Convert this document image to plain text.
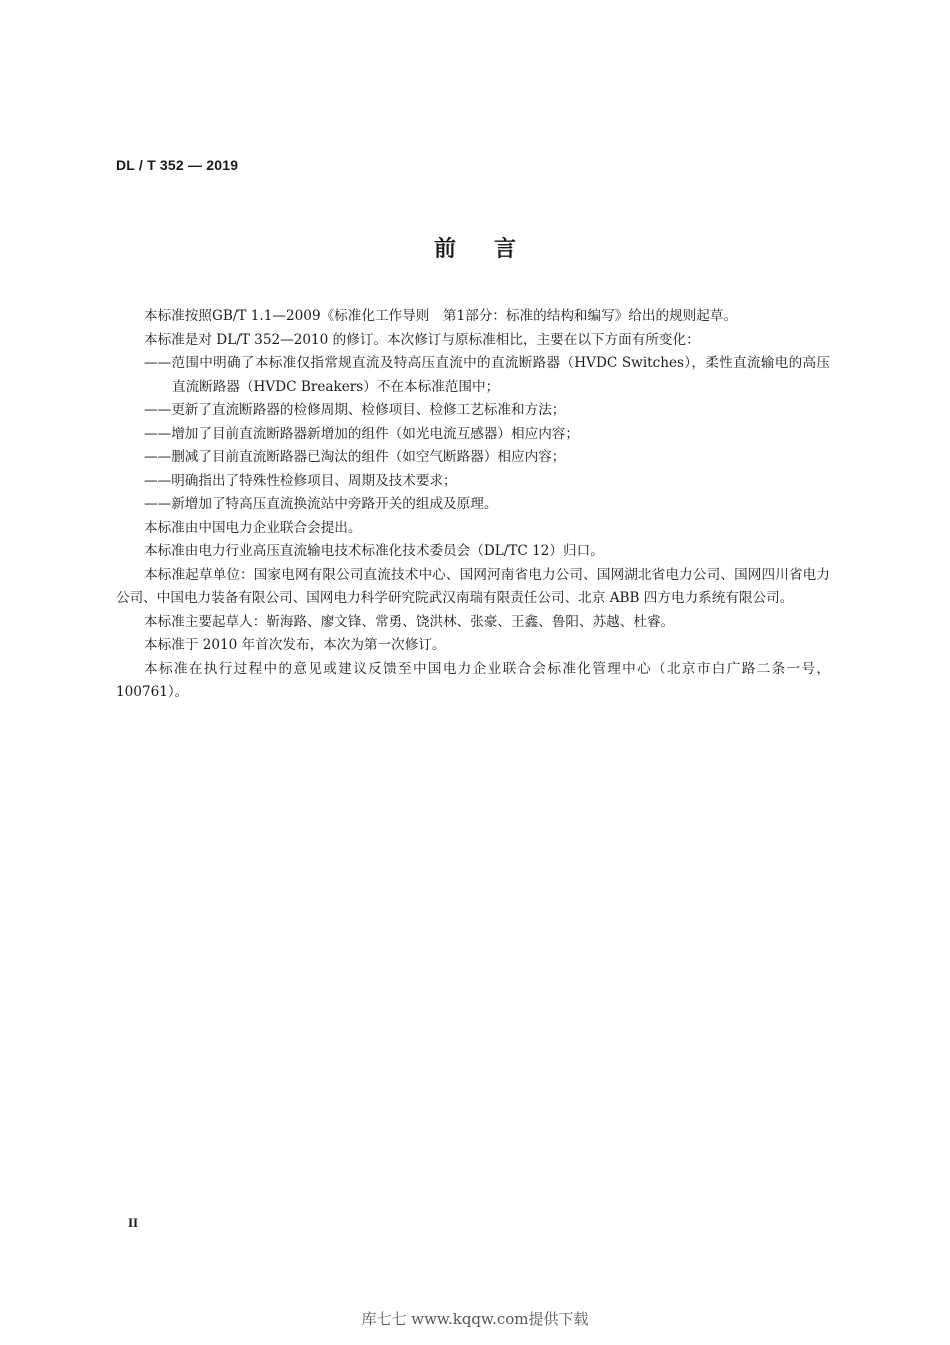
DL / T 352 — 2019
前言

本标准按照GB/T 1.1—2009《标准化工作导则　第1部分：标准的结构和编写》给出的规则起草。

本标准是对 DL/T 352—2010 的修订。本次修订与原标准相比，主要在以下方面有所变化：

——范围中明确了本标准仅指常规直流及特高压直流中的直流断路器（HVDC Switches），柔性直流输电的高压直流断路器（HVDC Breakers）不在本标准范围中；

——更新了直流断路器的检修周期、检修项目、检修工艺标准和方法；

——增加了目前直流断路器新增加的组件（如光电流互感器）相应内容；

——删减了目前直流断路器已淘汰的组件（如空气断路器）相应内容；

——明确指出了特殊性检修项目、周期及技术要求；

——新增加了特高压直流换流站中旁路开关的组成及原理。

本标准由中国电力企业联合会提出。

本标准由电力行业高压直流输电技术标准化技术委员会（DL/TC 12）归口。

本标准起草单位：国家电网有限公司直流技术中心、国网河南省电力公司、国网湖北省电力公司、国网四川省电力公司、中国电力装备有限公司、国网电力科学研究院武汉南瑞有限责任公司、北京 ABB 四方电力系统有限公司。

本标准主要起草人：靳海路、廖文锋、常勇、饶洪林、张豪、王鑫、鲁阳、苏越、杜睿。

本标准于 2010 年首次发布，本次为第一次修订。

本标准在执行过程中的意见或建议反馈至中国电力企业联合会标准化管理中心（北京市白广路二条一号，100761）。

II
库七七 www.kqqw.com提供下载
